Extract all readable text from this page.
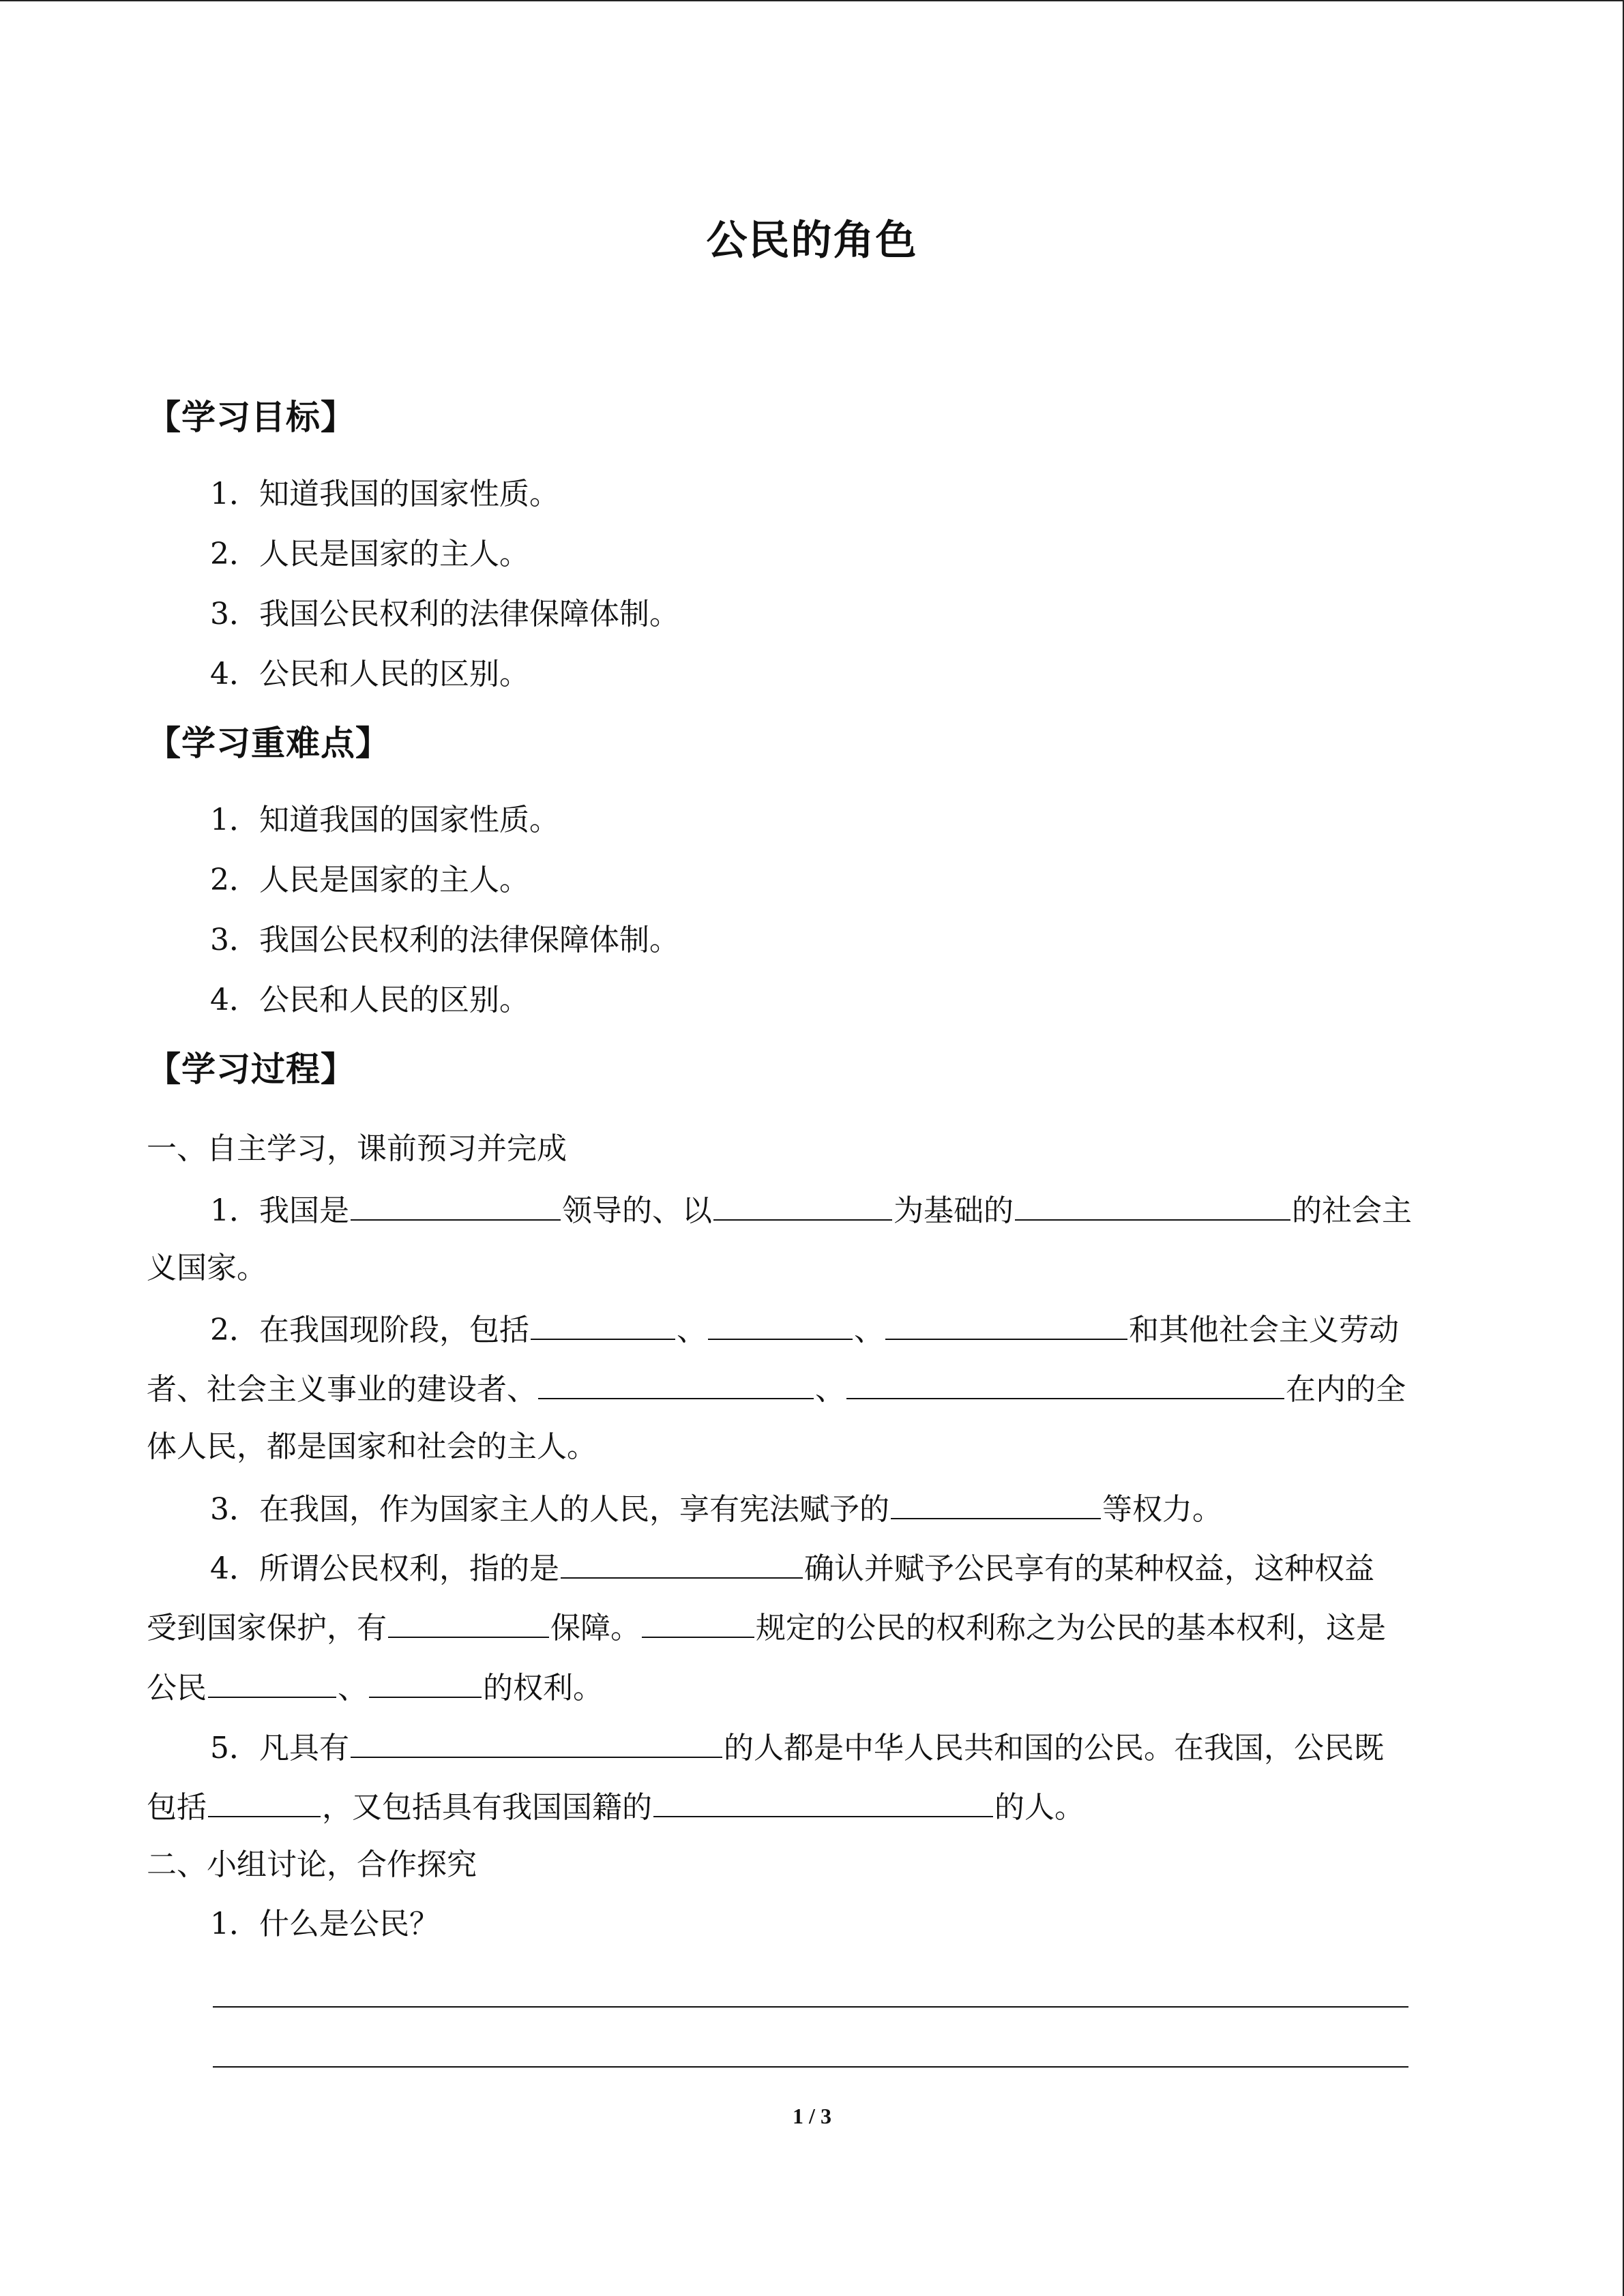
公民的角色
【学习目标】
1．知道我国的国家性质。
2．人民是国家的主人。
3．我国公民权利的法律保障体制。
4．公民和人民的区别。
【学习重难点】
1．知道我国的国家性质。
2．人民是国家的主人。
3．我国公民权利的法律保障体制。
4．公民和人民的区别。
【学习过程】
一、自主学习，课前预习并完成
1．我国是	领导的、以	为基础的	的社会主
义国家。
2．在我国现阶段，包括	、	、	和其他社会主义劳动
者、社会主义事业的建设者、	、	在内的全
体人民，都是国家和社会的主人。
3．在我国，作为国家主人的人民，享有宪法赋予的	等权力。
4．所谓公民权利，指的是	确认并赋予公民享有的某种权益，这种权益
受到国家保护，有	保障。	规定的公民的权利称之为公民的基本权利，这是
公民	、	的权利。
5．凡具有	的人都是中华人民共和国的公民。在我国，公民既
包括	，又包括具有我国国籍的	的人。
二、小组讨论，合作探究
1．什么是公民？
1 / 3
